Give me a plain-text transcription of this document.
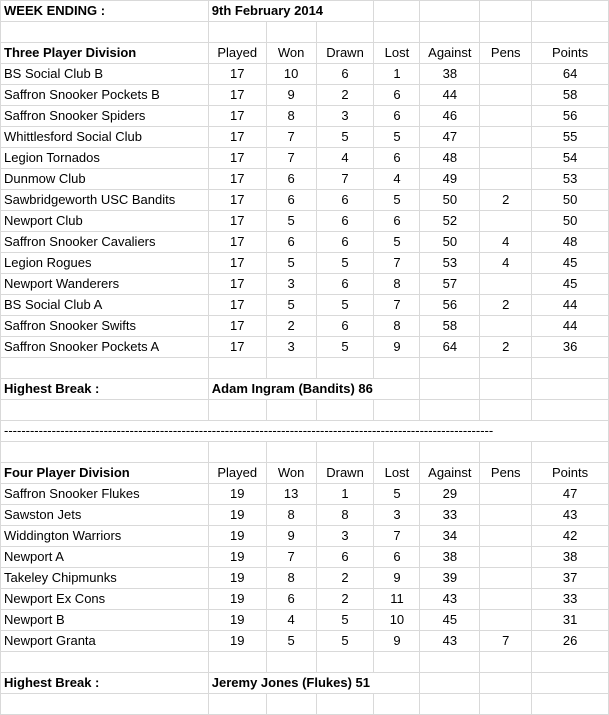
WEEK ENDING :	9th February 2014						

Three Player Division	Played	Won	Drawn	Lost	Against	Pens	Points
BS Social Club B	17	10	6	1	38		64
Saffron Snooker Pockets B	17	9	2	6	44		58
Saffron Snooker Spiders	17	8	3	6	46		56
Whittlesford Social Club	17	7	5	5	47		55
Legion Tornados	17	7	4	6	48		54
Dunmow Club	17	6	7	4	49		53
Sawbridgeworth USC Bandits	17	6	6	5	50	2	50
Newport Club	17	5	6	6	52		50
Saffron Snooker Cavaliers	17	6	6	5	50	4	48
Legion Rogues	17	5	5	7	53	4	45
Newport Wanderers	17	3	6	8	57		45
BS Social Club A	17	5	5	7	56	2	44
Saffron Snooker Swifts	17	2	6	8	58		44
Saffron Snooker Pockets A	17	3	5	9	64	2	36

Highest Break :	Adam Ingram (Bandits) 86						

-----------------------------------------------------------------------------------------------------------------							

Four Player Division	Played	Won	Drawn	Lost	Against	Pens	Points
Saffron Snooker Flukes	19	13	1	5	29		47
Sawston Jets	19	8	8	3	33		43
Widdington Warriors	19	9	3	7	34		42
Newport A	19	7	6	6	38		38
Takeley Chipmunks	19	8	2	9	39		37
Newport Ex Cons	19	6	2	11	43		33
Newport B	19	4	5	10	45		31
Newport Granta	19	5	5	9	43	7	26

Highest Break :	Jeremy Jones (Flukes) 51						
